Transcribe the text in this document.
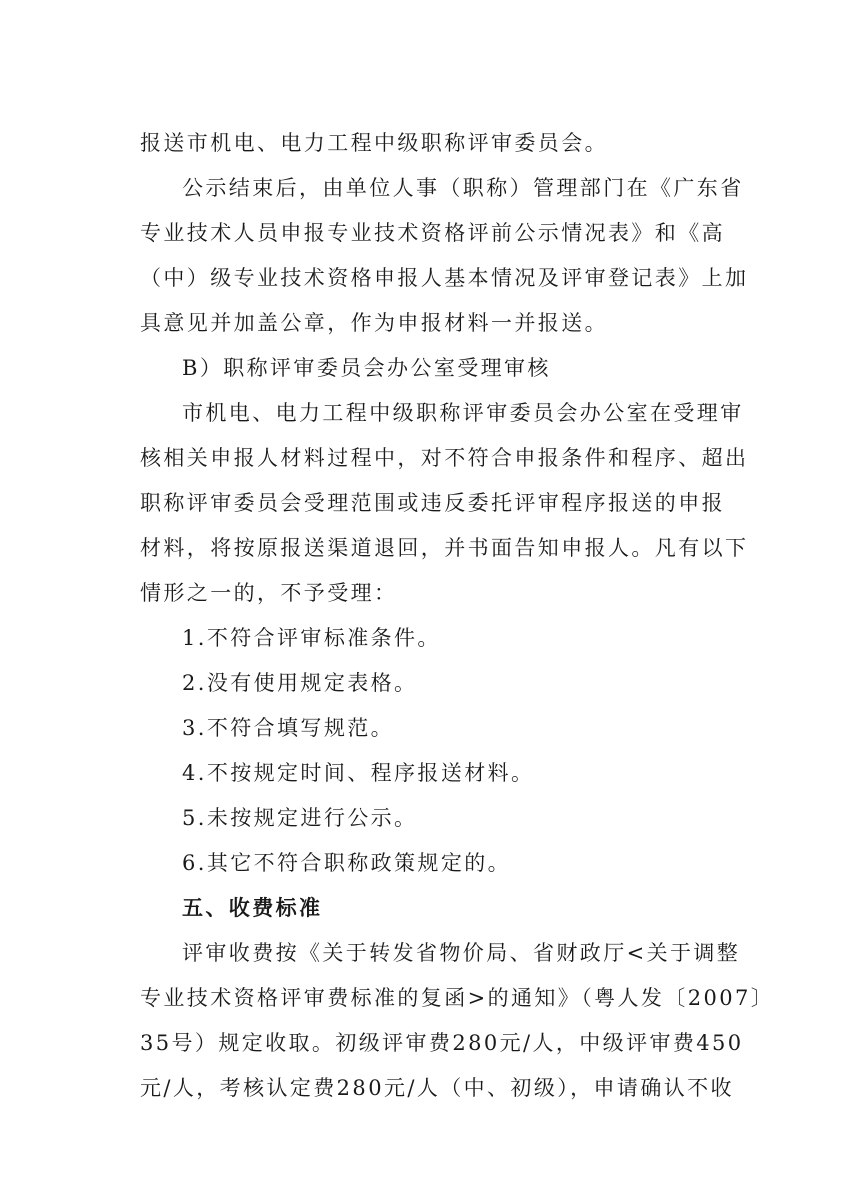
报送市机电、电力工程中级职称评审委员会。
公示结束后，由单位人事（职称）管理部门在《广东省
专业技术人员申报专业技术资格评前公示情况表》和《高
（中）级专业技术资格申报人基本情况及评审登记表》上加
具意见并加盖公章，作为申报材料一并报送。
B）职称评审委员会办公室受理审核
市机电、电力工程中级职称评审委员会办公室在受理审
核相关申报人材料过程中，对不符合申报条件和程序、超出
职称评审委员会受理范围或违反委托评审程序报送的申报
材料，将按原报送渠道退回，并书面告知申报人。凡有以下
情形之一的，不予受理：
1.不符合评审标准条件。
2.没有使用规定表格。
3.不符合填写规范。
4.不按规定时间、程序报送材料。
5.未按规定进行公示。
6.其它不符合职称政策规定的。
五、收费标准
评审收费按《关于转发省物价局、省财政厅<关于调整
专业技术资格评审费标准的复函>的通知》（粤人发〔2007〕
35号）规定收取。初级评审费280元/人，中级评审费450
元/人，考核认定费280元/人（中、初级），申请确认不收
